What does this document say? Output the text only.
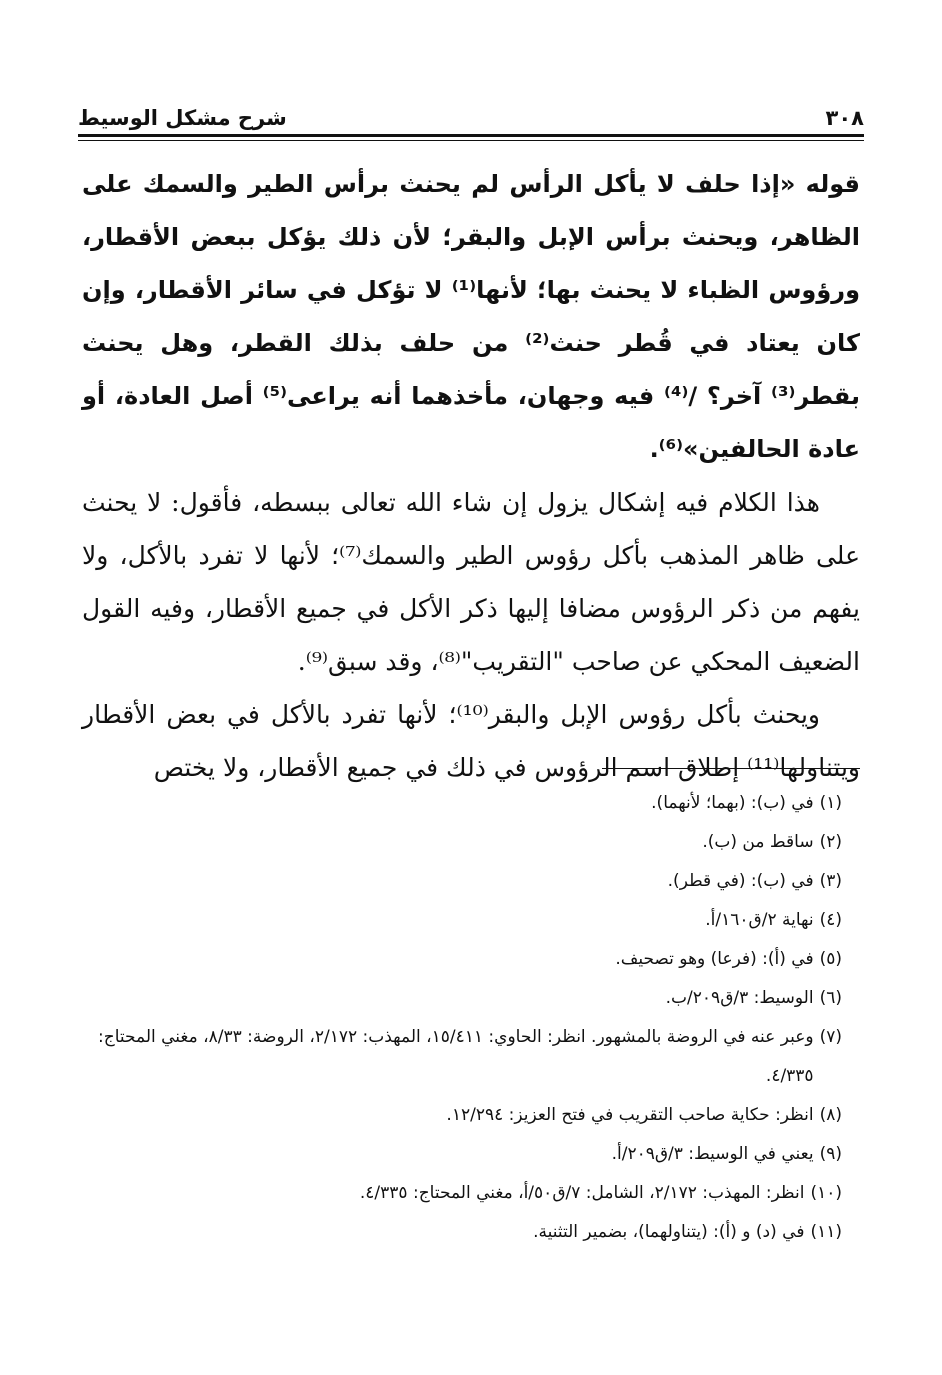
٣٠٨
شرح مشكل الوسيط

قوله «إذا حلف لا يأكل الرأس لم يحنث برأس الطير والسمك على الظاهر، ويحنث برأس الإبل والبقر؛ لأن ذلك يؤكل ببعض الأقطار، ورؤوس الظباء لا يحنث بها؛ لأنها⁽¹⁾ لا تؤكل في سائر الأقطار، وإن كان يعتاد في قُطر حنث⁽²⁾ من حلف بذلك القطر، وهل يحنث بقطر⁽³⁾ آخر؟ /⁽⁴⁾ فيه وجهان، مأخذهما أنه يراعى⁽⁵⁾ أصل العادة، أو عادة الحالفين»⁽⁶⁾.

هذا الكلام فيه إشكال يزول إن شاء الله تعالى ببسطه، فأقول: لا يحنث على ظاهر المذهب بأكل رؤوس الطير والسمك⁽⁷⁾؛ لأنها لا تفرد بالأكل، ولا يفهم من ذكر الرؤوس مضافا إليها ذكر الأكل في جميع الأقطار، وفيه القول الضعيف المحكي عن صاحب "التقريب"⁽⁸⁾، وقد سبق⁽⁹⁾.

ويحنث بأكل رؤوس الإبل والبقر⁽¹⁰⁾؛ لأنها تفرد بالأكل في بعض الأقطار ويتناولها⁽¹¹⁾ إطلاق اسم الرؤوس في ذلك في جميع الأقطار، ولا يختص

(١)
في (ب): (بهما؛ لأنهما).

(٢)
ساقط من (ب).

(٣)
في (ب): (في قطر).

(٤)
نهاية ٢/ق١٦٠/أ.

(٥)
في (أ): (فرعا) وهو تصحيف.

(٦)
الوسيط: ٣/ق٢٠٩/ب.

(٧)
وعبر عنه في الروضة بالمشهور. انظر: الحاوي: ١٥/٤١١، المهذب: ٢/١٧٢، الروضة: ٨/٣٣، مغني المحتاج: ٤/٣٣٥.

(٨)
انظر: حكاية صاحب التقريب في فتح العزيز: ١٢/٢٩٤.

(٩)
يعني في الوسيط: ٣/ق٢٠٩/أ.

(١٠)
انظر: المهذب: ٢/١٧٢، الشامل: ٧/ق٥٠/أ، مغني المحتاج: ٤/٣٣٥.

(١١)
في (د) و (أ): (يتناولهما)، بضمير التثنية.
